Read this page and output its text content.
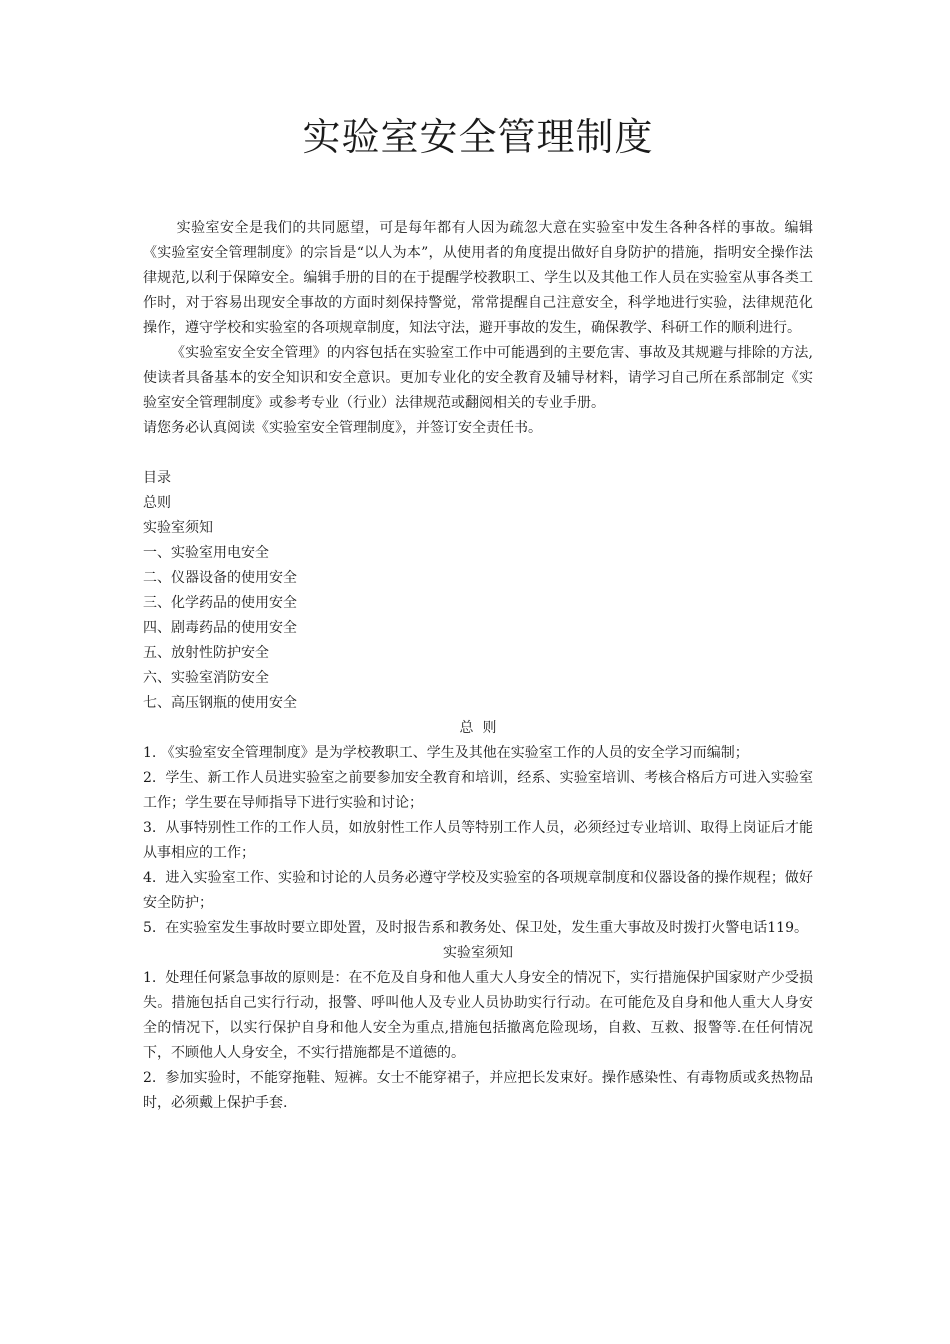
实验室安全管理制度

实验室安全是我们的共同愿望，可是每年都有人因为疏忽大意在实验室中发生各种各样的事故。编辑《实验室安全管理制度》的宗旨是“以人为本”，从使用者的角度提出做好自身防护的措施，指明安全操作法律规范,以利于保障安全。编辑手册的目的在于提醒学校教职工、学生以及其他工作人员在实验室从事各类工作时，对于容易出现安全事故的方面时刻保持警觉，常常提醒自己注意安全，科学地进行实验，法律规范化操作，遵守学校和实验室的各项规章制度，知法守法，避开事故的发生，确保教学、科研工作的顺利进行。

《实验室安全安全管理》的内容包括在实验室工作中可能遇到的主要危害、事故及其规避与排除的方法,使读者具备基本的安全知识和安全意识。更加专业化的安全教育及辅导材料，请学习自己所在系部制定《实验室安全管理制度》或参考专业（行业）法律规范或翻阅相关的专业手册。

请您务必认真阅读《实验室安全管理制度》，并签订安全责任书。

目录
总则
实验室须知
一、实验室用电安全
二、仪器设备的使用安全
三、化学药品的使用安全
四、剧毒药品的使用安全
五、放射性防护安全
六、实验室消防安全
七、高压钢瓶的使用安全

总  则

1. 《实验室安全管理制度》是为学校教职工、学生及其他在实验室工作的人员的安全学习而编制；

2.  学生、新工作人员进实验室之前要参加安全教育和培训，经系、实验室培训、考核合格后方可进入实验室工作；学生要在导师指导下进行实验和讨论；

3.  从事特别性工作的工作人员，如放射性工作人员等特别工作人员，必须经过专业培训、取得上岗证后才能从事相应的工作；

4.  进入实验室工作、实验和讨论的人员务必遵守学校及实验室的各项规章制度和仪器设备的操作规程；做好安全防护；

5.  在实验室发生事故时要立即处置，及时报告系和教务处、保卫处，发生重大事故及时拨打火警电话119。

实验室须知

1.  处理任何紧急事故的原则是：在不危及自身和他人重大人身安全的情况下，实行措施保护国家财产少受损失。措施包括自己实行行动，报警、呼叫他人及专业人员协助实行行动。在可能危及自身和他人重大人身安全的情况下，以实行保护自身和他人安全为重点,措施包括撤离危险现场，自救、互救、报警等.在任何情况下，不顾他人人身安全，不实行措施都是不道德的。

2.  参加实验时，不能穿拖鞋、短裤。女士不能穿裙子，并应把长发束好。操作感染性、有毒物质或炙热物品时，必须戴上保护手套.
